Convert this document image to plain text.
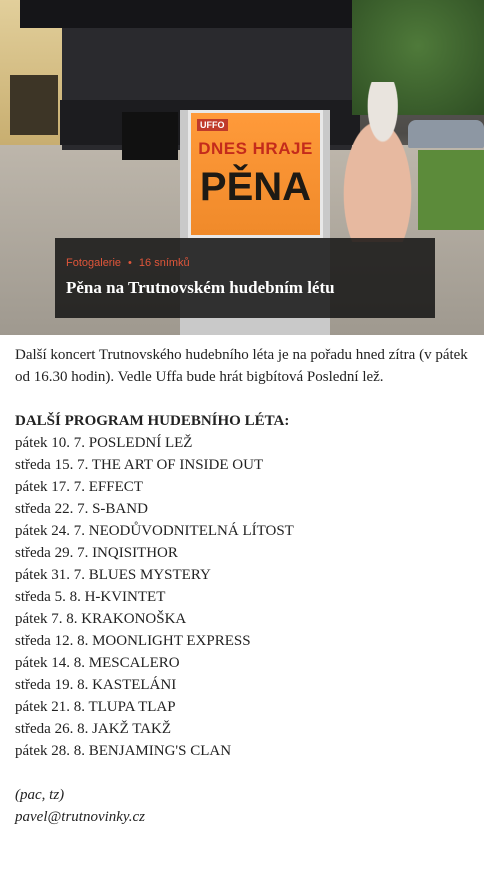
UFFO
DNES HRAJE
PĚNA
Fotogalerie • 16 snímků
Pěna na Trutnovském hudebním létu

Další koncert Trutnovského hudebního léta je na pořadu hned zítra (v pátek od 16.30 hodin). Vedle Uffa bude hrát bigbítová Poslední lež.

DALŠÍ PROGRAM HUDEBNÍHO LÉTA:
pátek 10. 7. POSLEDNÍ LEŽ
středa 15. 7. THE ART OF INSIDE OUT
pátek 17. 7. EFFECT
středa 22. 7. S-BAND
pátek 24. 7. NEODŮVODNITELNÁ LÍTOST
středa 29. 7. INQISITHOR
pátek 31. 7. BLUES MYSTERY
středa 5. 8. H-KVINTET
pátek 7. 8. KRAKONOŠKA
středa 12. 8. MOONLIGHT EXPRESS
pátek 14. 8. MESCALERO
středa 19. 8. KASTELÁNI
pátek 21. 8. TLUPA TLAP
středa 26. 8. JAKŽ TAKŽ
pátek 28. 8. BENJAMING'S CLAN
(pac, tz)
pavel@trutnovinky.cz
